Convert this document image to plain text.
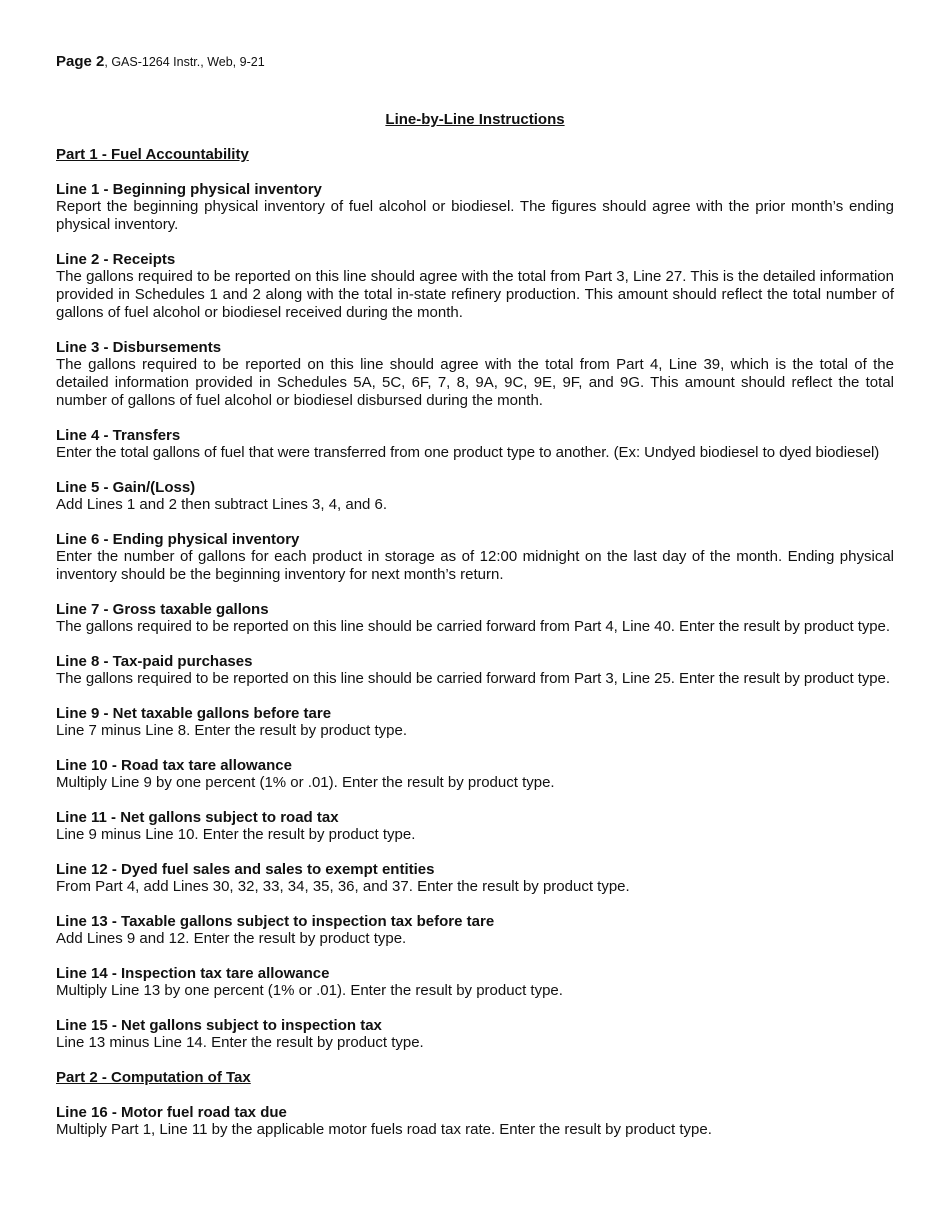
Page 2, GAS-1264 Instr., Web, 9-21
Line-by-Line Instructions
Part 1 - Fuel Accountability
Line 1 - Beginning physical inventory

Report the beginning physical inventory of fuel alcohol or biodiesel. The figures should agree with the prior month’s ending physical inventory.

Line 2 - Receipts

The gallons required to be reported on this line should agree with the total from Part 3, Line 27. This is the detailed information provided in Schedules 1 and 2 along with the total in-state refinery production. This amount should reflect the total number of gallons of fuel alcohol or biodiesel received during the month.

Line 3 - Disbursements

The gallons required to be reported on this line should agree with the total from Part 4, Line 39, which is the total of the detailed information provided in Schedules 5A, 5C, 6F, 7, 8, 9A, 9C, 9E, 9F, and 9G. This amount should reflect the total number of gallons of fuel alcohol or biodiesel disbursed during the month.

Line 4 - Transfers

Enter the total gallons of fuel that were transferred from one product type to another. (Ex: Undyed biodiesel to dyed biodiesel)

Line 5 - Gain/(Loss)

Add Lines 1 and 2 then subtract Lines 3, 4, and 6.

Line 6 - Ending physical inventory

Enter the number of gallons for each product in storage as of 12:00 midnight on the last day of the month. Ending physical inventory should be the beginning inventory for next month’s return.

Line 7 - Gross taxable gallons

The gallons required to be reported on this line should be carried forward from Part 4, Line 40. Enter the result by product type.

Line 8 - Tax-paid purchases

The gallons required to be reported on this line should be carried forward from Part 3, Line 25. Enter the result by product type.

Line 9 - Net taxable gallons before tare

Line 7 minus Line 8. Enter the result by product type.

Line 10 - Road tax tare allowance

Multiply Line 9 by one percent (1% or .01). Enter the result by product type.

Line 11 - Net gallons subject to road tax

Line 9 minus Line 10. Enter the result by product type.

Line 12 - Dyed fuel sales and sales to exempt entities

From Part 4, add Lines 30, 32, 33, 34, 35, 36, and 37. Enter the result by product type.

Line 13 - Taxable gallons subject to inspection tax before tare

Add Lines 9 and 12. Enter the result by product type.

Line 14 - Inspection tax tare allowance

Multiply Line 13 by one percent (1% or .01). Enter the result by product type.

Line 15 - Net gallons subject to inspection tax

Line 13 minus Line 14. Enter the result by product type.

Part 2 - Computation of Tax
Line 16 - Motor fuel road tax due

Multiply Part 1, Line 11 by the applicable motor fuels road tax rate. Enter the result by product type.
